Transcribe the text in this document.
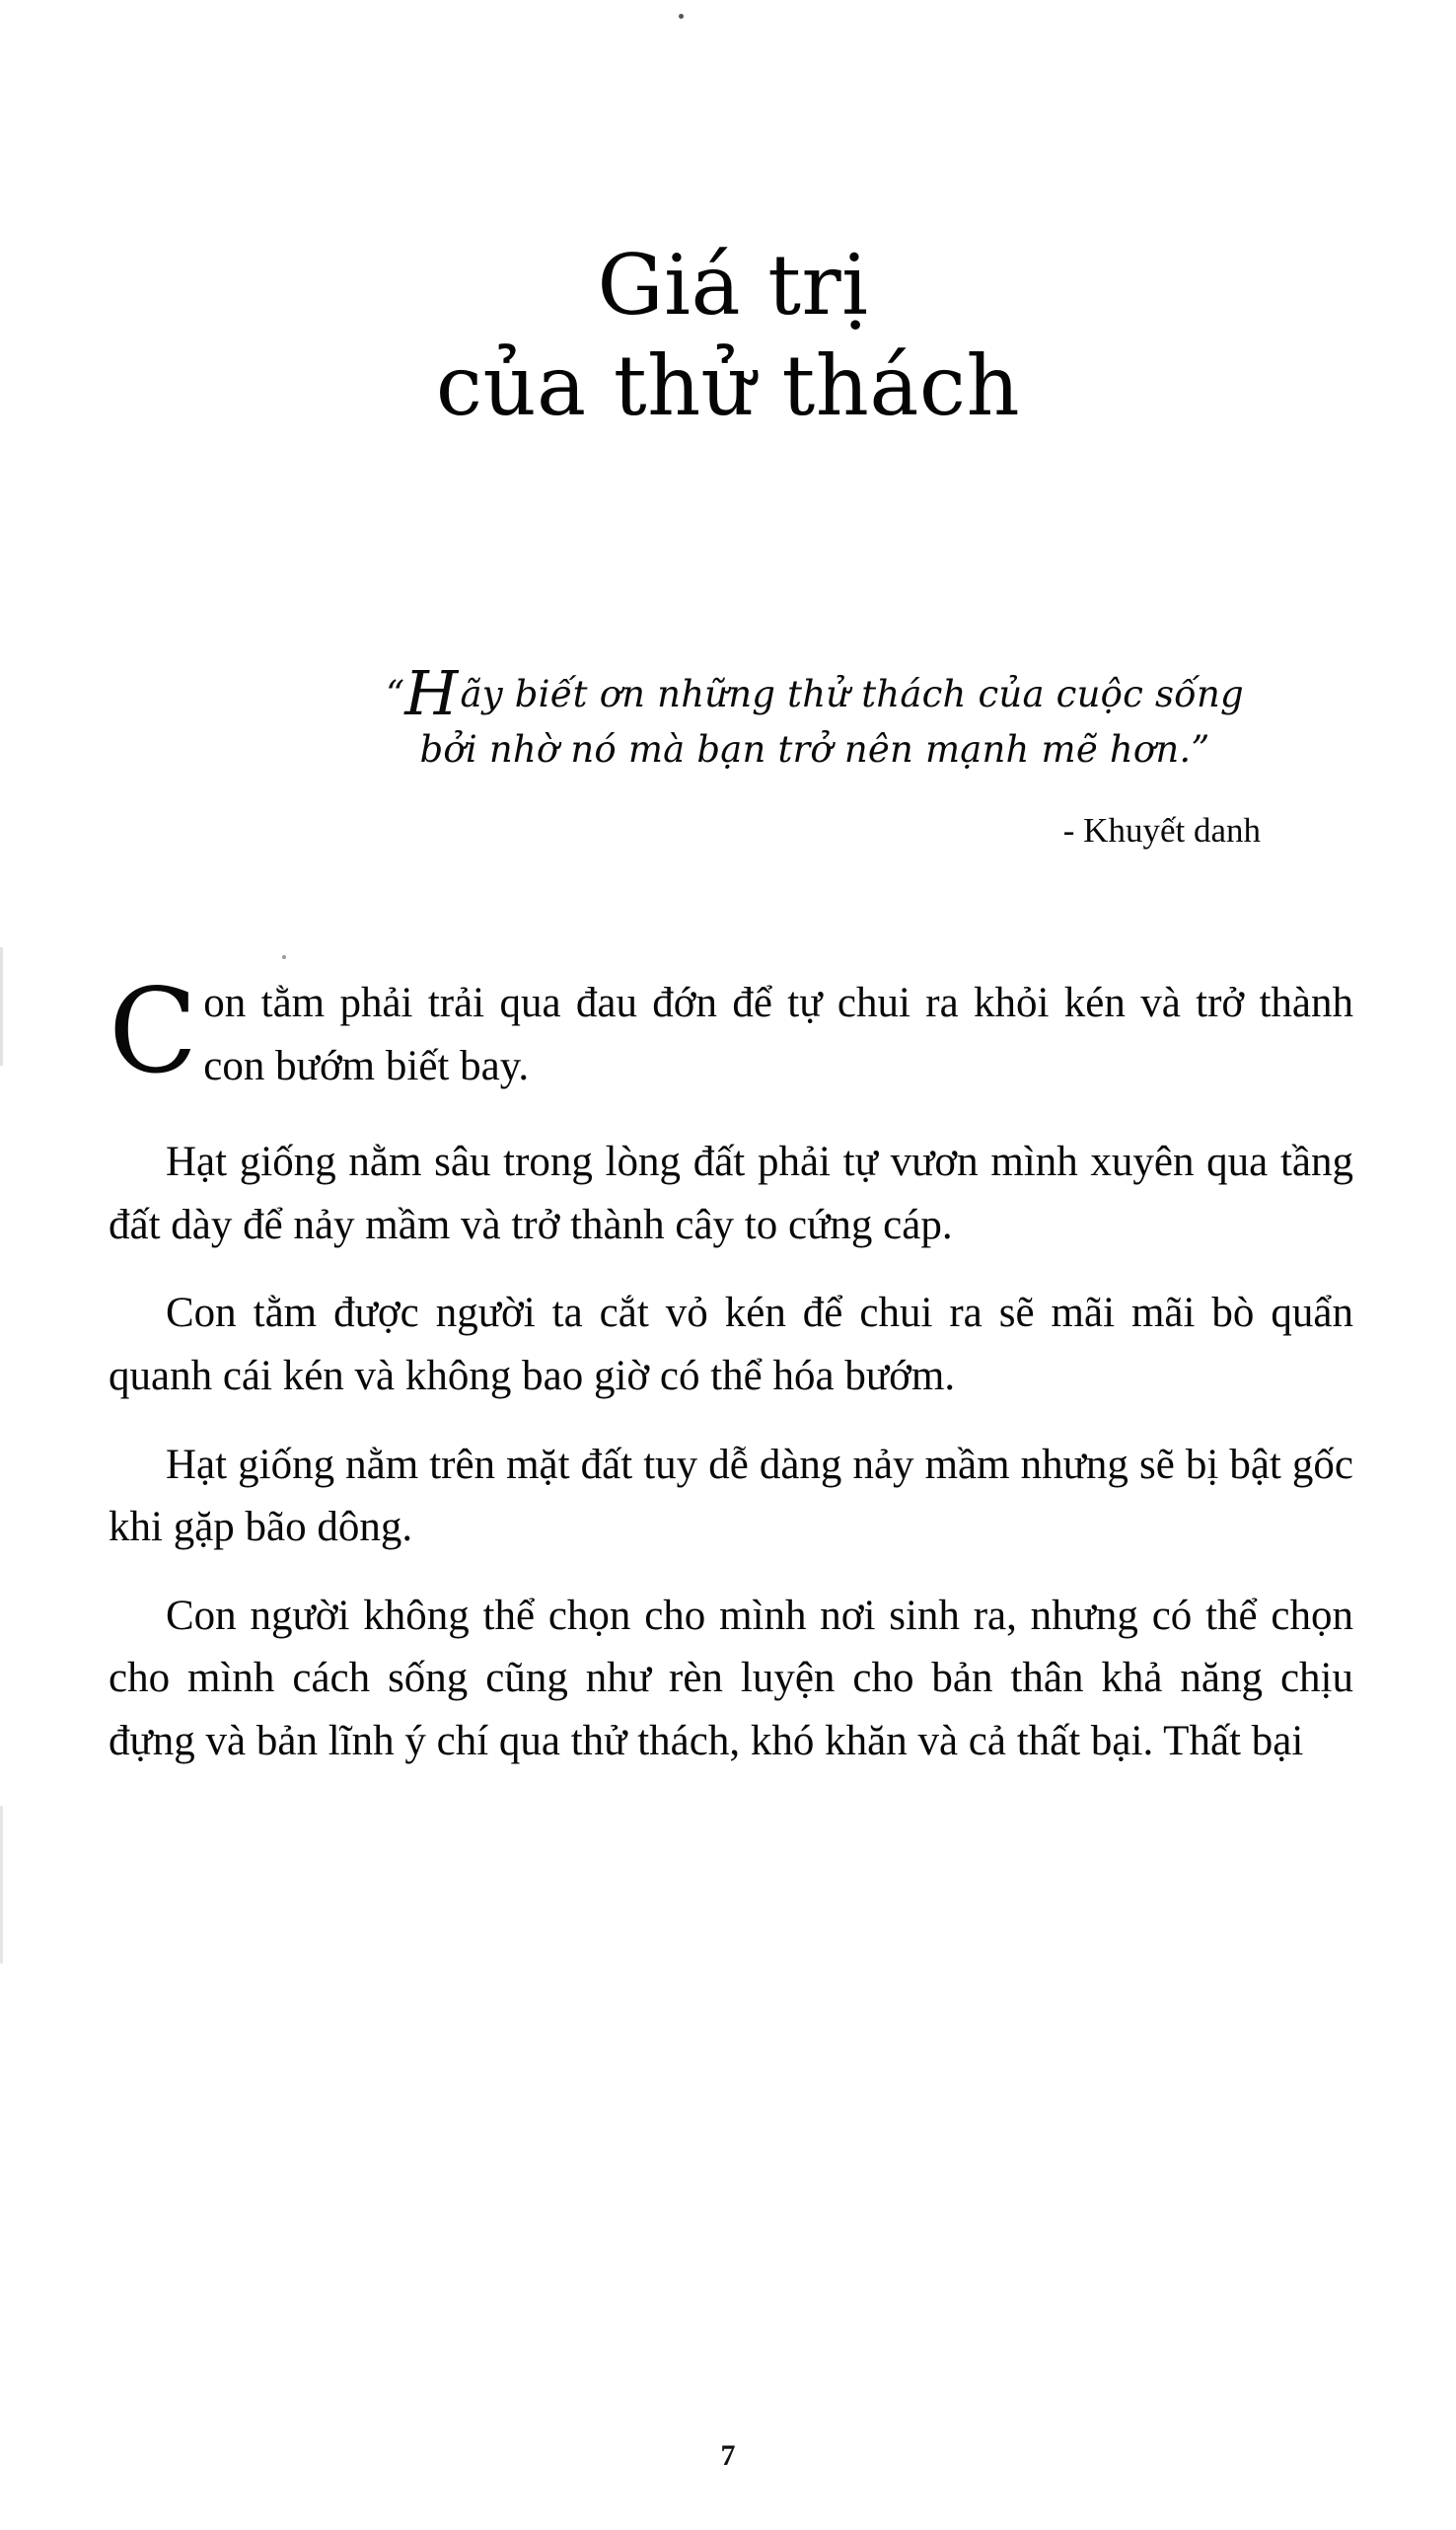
Giá trị
của thử thách
“Hãy biết ơn những thử thách của cuộc sống
bởi nhờ nó mà bạn trở nên mạnh mẽ hơn.”
- Khuyết danh

Con tằm phải trải qua đau đớn để tự chui ra khỏi kén và trở thành con bướm biết bay.

Hạt giống nằm sâu trong lòng đất phải tự vươn mình xuyên qua tầng đất dày để nảy mầm và trở thành cây to cứng cáp.

Con tằm được người ta cắt vỏ kén để chui ra sẽ mãi mãi bò quẩn quanh cái kén và không bao giờ có thể hóa bướm.

Hạt giống nằm trên mặt đất tuy dễ dàng nảy mầm nhưng sẽ bị bật gốc khi gặp bão dông.

Con người không thể chọn cho mình nơi sinh ra, nhưng có thể chọn cho mình cách sống cũng như rèn luyện cho bản thân khả năng chịu đựng và bản lĩnh ý chí qua thử thách, khó khăn và cả thất bại. Thất bại

7
